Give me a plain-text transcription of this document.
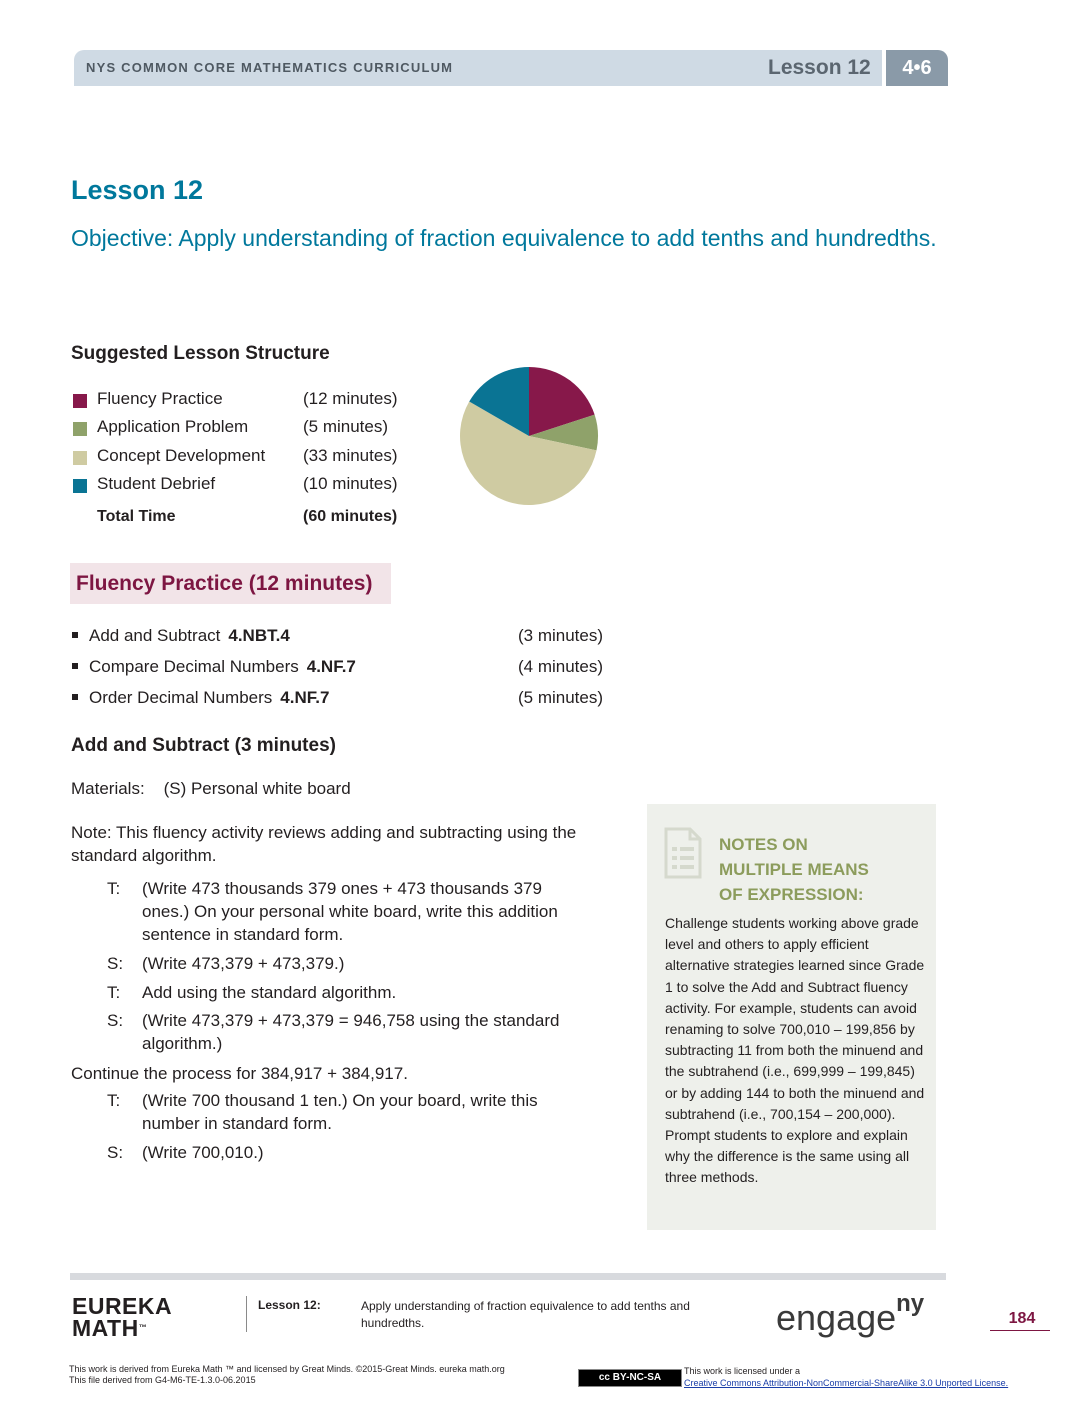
NYS COMMON CORE MATHEMATICS CURRICULUM	Lesson 12	4•6
Lesson 12
Objective: Apply understanding of fraction equivalence to add tenths and hundredths.
Suggested Lesson Structure
Fluency Practice	(12 minutes)
Application Problem	(5 minutes)
Concept Development (33 minutes)
Student Debrief	(10 minutes)
Total Time	(60 minutes)
Fluency Practice (12 minutes)
Add and Subtract 4.NBT.4	(3 minutes)
Compare Decimal Numbers 4.NF.7	(4 minutes)
Order Decimal Numbers 4.NF.7	(5 minutes)
Add and Subtract (3 minutes)
Materials:    (S) Personal white board
Note: This fluency activity reviews adding and subtracting using the standard algorithm.
T: (Write 473 thousands 379 ones + 473 thousands 379 ones.) On your personal white board, write this addition sentence in standard form.
S: (Write 473,379 + 473,379.)
T: Add using the standard algorithm.
S: (Write 473,379 + 473,379 = 946,758 using the standard algorithm.)
Continue the process for 384,917 + 384,917.
T: (Write 700 thousand 1 ten.) On your board, write this number in standard form.
S: (Write 700,010.)
NOTES ON
MULTIPLE MEANS
OF EXPRESSION:
Challenge students working above grade level and others to apply efficient alternative strategies learned since Grade 1 to solve the Add and Subtract fluency activity. For example, students can avoid renaming to solve 700,010 – 199,856 by subtracting 11 from both the minuend and the subtrahend (i.e., 699,999 – 199,845) or by adding 144 to both the minuend and subtrahend (i.e., 700,154 – 200,000). Prompt students to explore and explain why the difference is the same using all three methods.
EUREKA
MATH™
Lesson 12:	Apply understanding of fraction equivalence to add tenths and hundredths.	engage$^{ny}$
184
This work is derived from Eureka Math ™ and licensed by Great Minds. ©2015-Great Minds. eureka math.org
This file derived from G4-M6-TE-1.3.0-06.2015	cc BY-NC-SA
This work is licensed under a
Creative Commons Attribution-NonCommercial-ShareAlike 3.0 Unported License.
